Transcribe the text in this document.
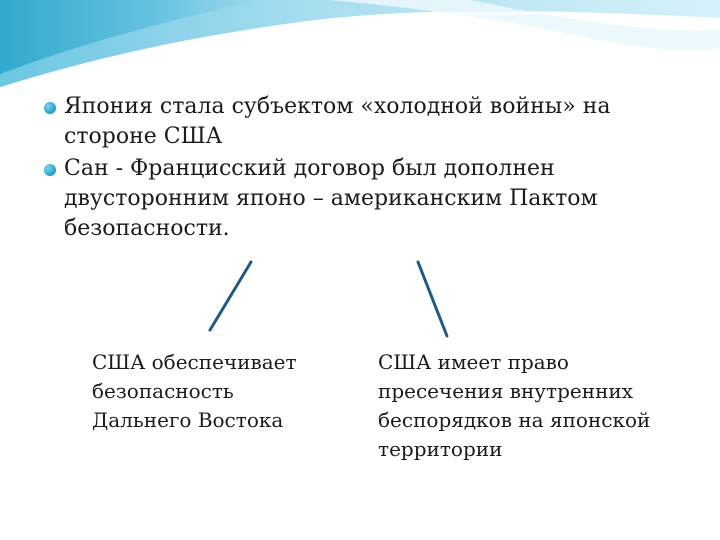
Япония стала субъектом «холодной войны» на стороне США
Сан - Францисский договор был дополнен двусторонним японо – американским Пактом безопасности.
США обеспечивает безопасность Дальнего Востока
США имеет право пресечения внутренних беспорядков на японской территории
